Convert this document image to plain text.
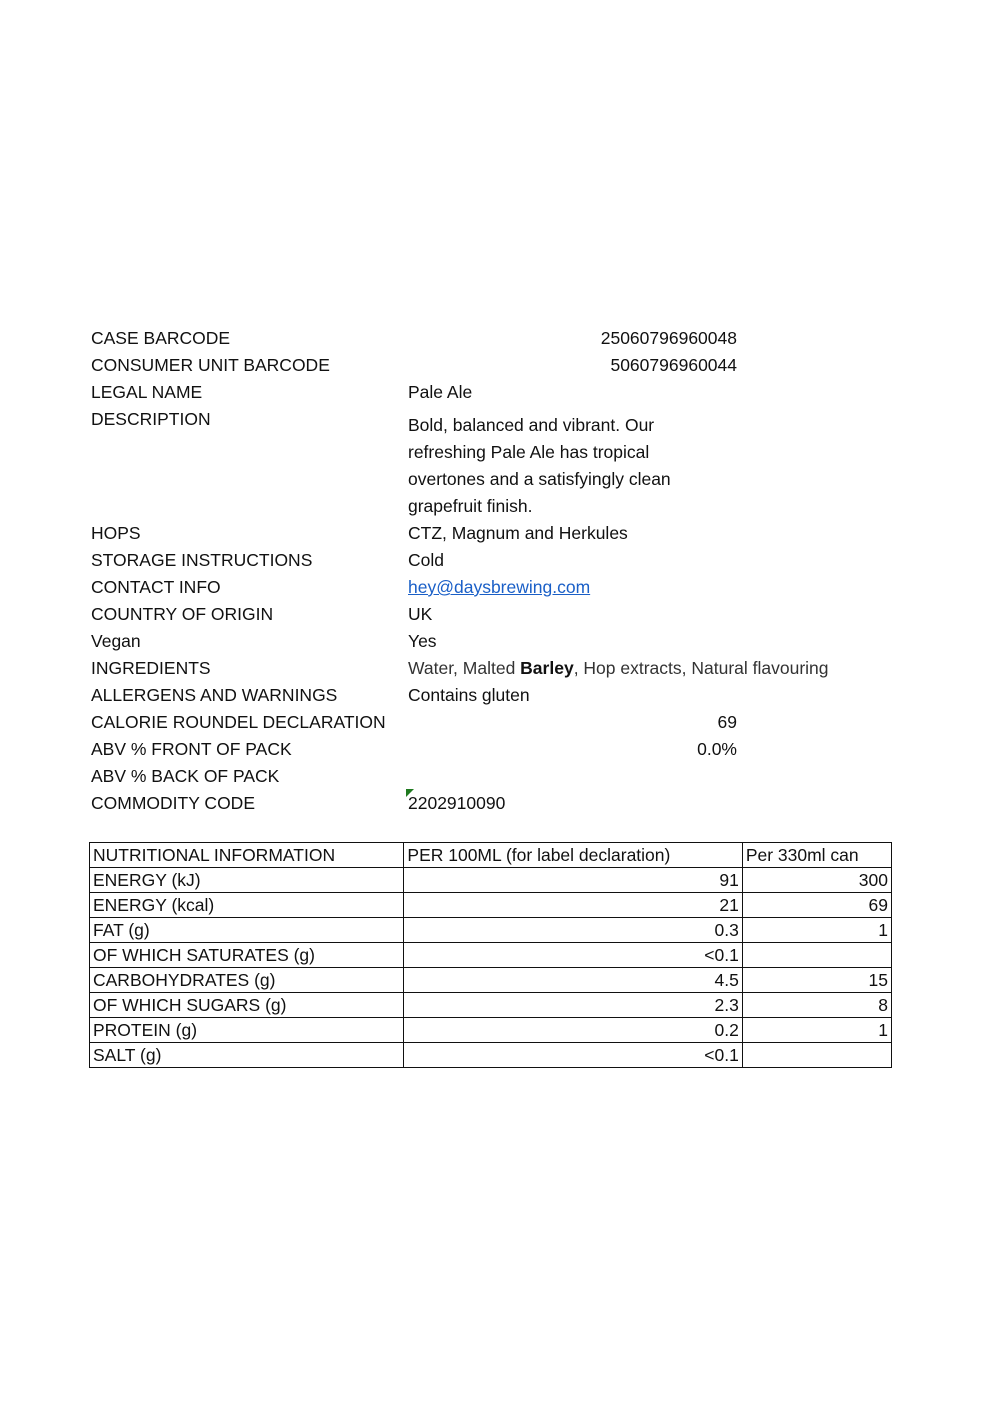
CASE BARCODE	25060796960048
CONSUMER UNIT BARCODE	5060796960044
LEGAL NAME	Pale Ale
DESCRIPTION	Bold, balanced and vibrant. Our
refreshing Pale Ale has tropical
overtones and a satisfyingly clean
grapefruit finish.
HOPS	CTZ, Magnum and Herkules
STORAGE INSTRUCTIONS	Cold
CONTACT INFO	hey@daysbrewing.com
COUNTRY OF ORIGIN	UK
Vegan	Yes
INGREDIENTS	Water, Malted Barley, Hop extracts, Natural flavouring
ALLERGENS AND WARNINGS	Contains gluten
CALORIE ROUNDEL DECLARATION	69
ABV % FRONT OF PACK	0.0%
ABV % BACK OF PACK
COMMODITY CODE	2202910090
NUTRITIONAL INFORMATION	PER 100ML (for label declaration)	Per 330ml can
ENERGY (kJ)	91	300
ENERGY (kcal)	21	69
FAT (g)	0.3	1
OF WHICH SATURATES (g)	<0.1	
CARBOHYDRATES (g)	4.5	15
OF WHICH SUGARS (g)	2.3	8
PROTEIN (g)	0.2	1
SALT (g)	<0.1	
